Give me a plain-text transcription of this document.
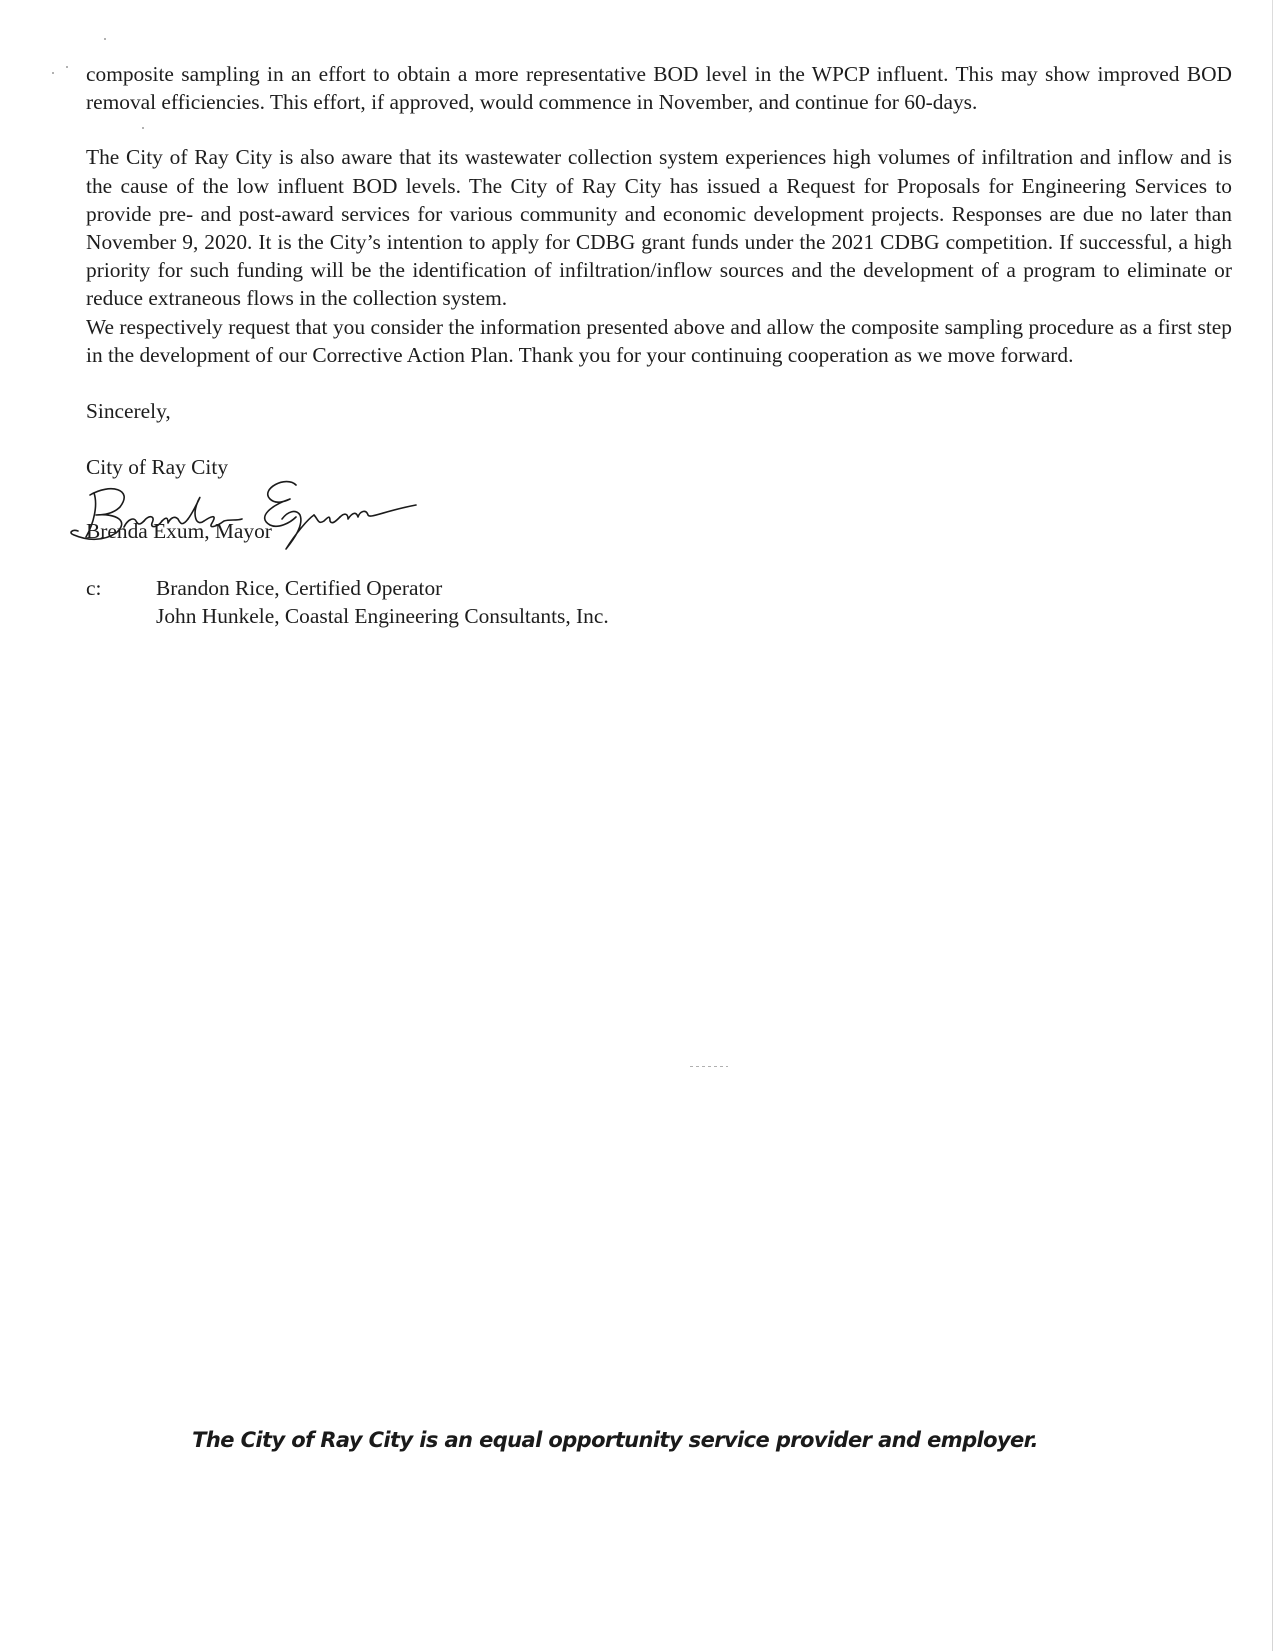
composite sampling in an effort to obtain a more representative BOD level in the WPCP influent. This may show improved BOD removal efficiencies. This effort, if approved, would commence in November, and continue for 60-days.

The City of Ray City is also aware that its wastewater collection system experiences high volumes of infiltration and inflow and is the cause of the low influent BOD levels. The City of Ray City has issued a Request for Proposals for Engineering Services to provide pre- and post-award services for various community and economic development projects. Responses are due no later than November 9, 2020. It is the City’s intention to apply for CDBG grant funds under the 2021 CDBG competition. If successful, a high priority for such funding will be the identification of infiltration/inflow sources and the development of a program to eliminate or reduce extraneous flows in the collection system.

We respectively request that you consider the information presented above and allow the composite sampling procedure as a first step in the development of our Corrective Action Plan. Thank you for your continuing cooperation as we move forward.

Sincerely,
City of Ray City
Brenda Exum, Mayor
c:	Brandon Rice, Certified Operator
John Hunkele, Coastal Engineering Consultants, Inc.
The City of Ray City is an equal opportunity service provider and employer.
